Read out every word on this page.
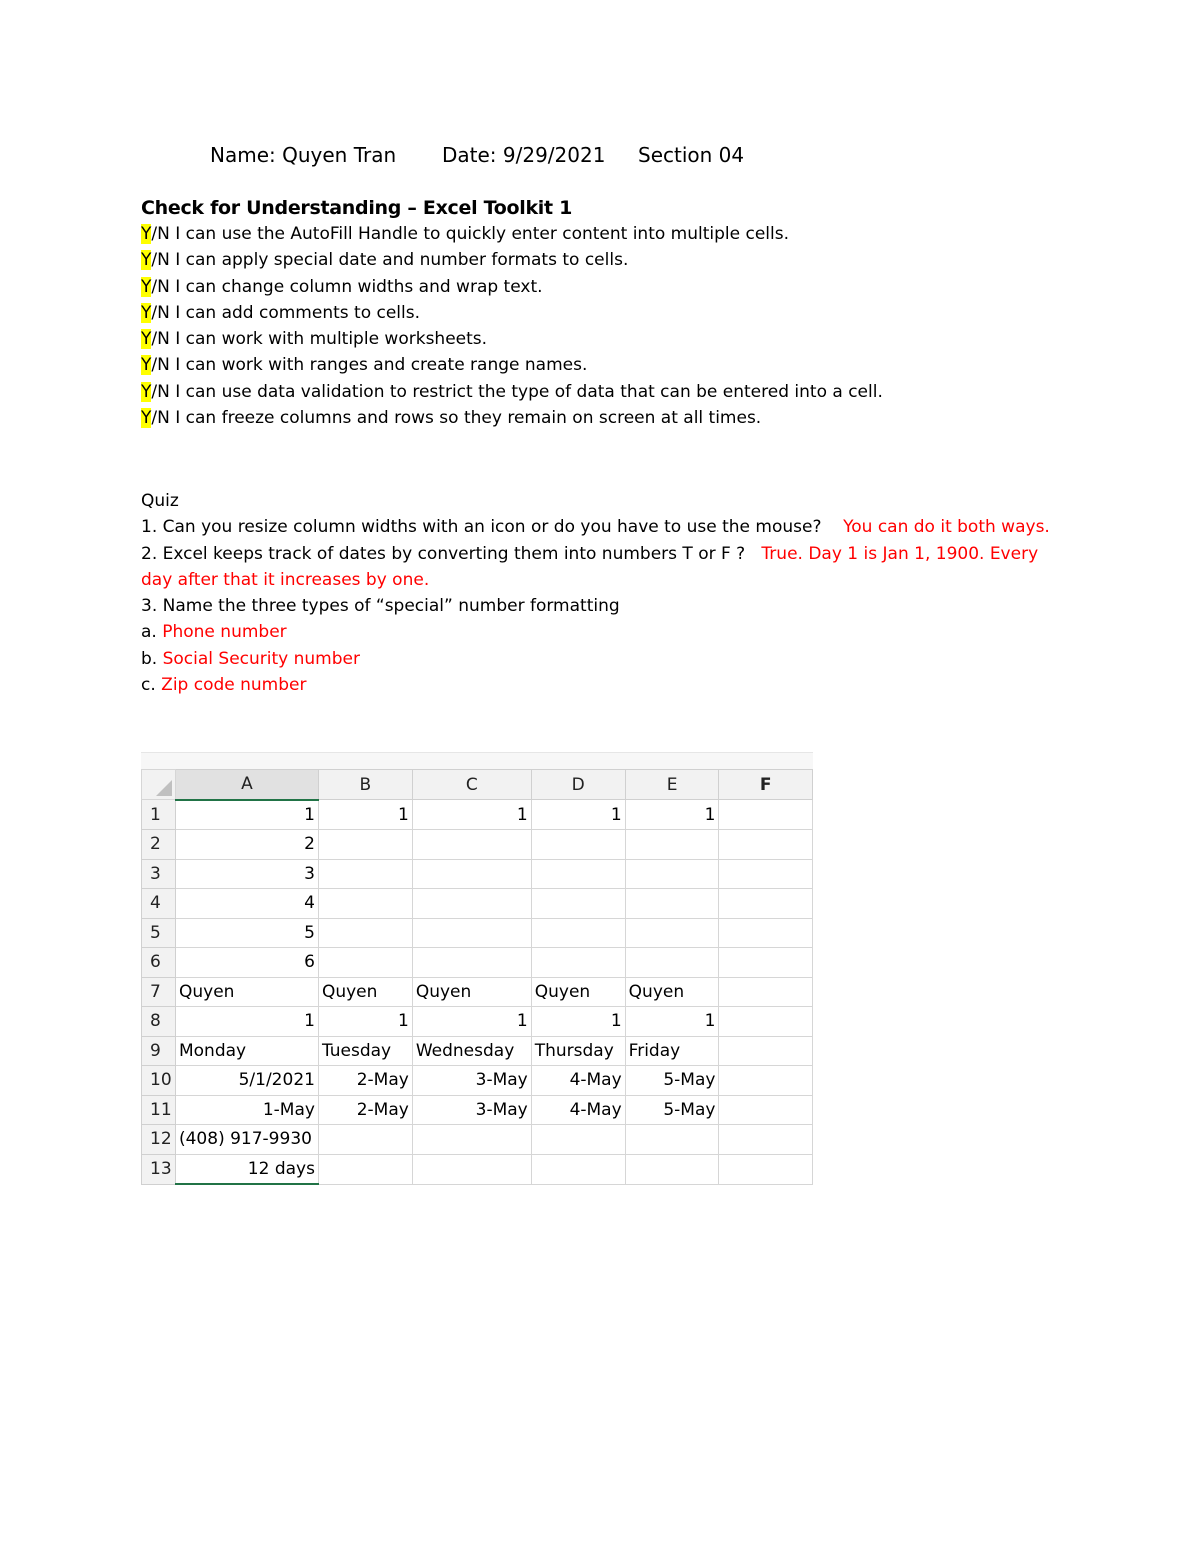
Name: Quyen Tran Date: 9/29/2021 Section 04
Check for Understanding – Excel Toolkit 1
Y/N I can use the AutoFill Handle to quickly enter content into multiple cells.
Y/N I can apply special date and number formats to cells.
Y/N I can change column widths and wrap text.
Y/N I can add comments to cells.
Y/N I can work with multiple worksheets.
Y/N I can work with ranges and create range names.
Y/N I can use data validation to restrict the type of data that can be entered into a cell.
Y/N I can freeze columns and rows so they remain on screen at all times.
Quiz
1. Can you resize column widths with an icon or do you have to use the mouse? You can do it both ways.
2. Excel keeps track of dates by converting them into numbers T or F ? True. Day 1 is Jan 1, 1900. Every day after that it increases by one.
3. Name the three types of “special” number formatting
a. Phone number
b. Social Security number
c. Zip code number
	A	B	C	D	E	F
1	1	1	1	1	1	
2	2					
3	3					
4	4					
5	5					
6	6					
7	Quyen	Quyen	Quyen	Quyen	Quyen	
8	1	1	1	1	1	
9	Monday	Tuesday	Wednesday	Thursday	Friday	
10	5/1/2021	2-May	3-May	4-May	5-May	
11	1-May	2-May	3-May	4-May	5-May	
12	(408) 917-9930					
13	12 days					
